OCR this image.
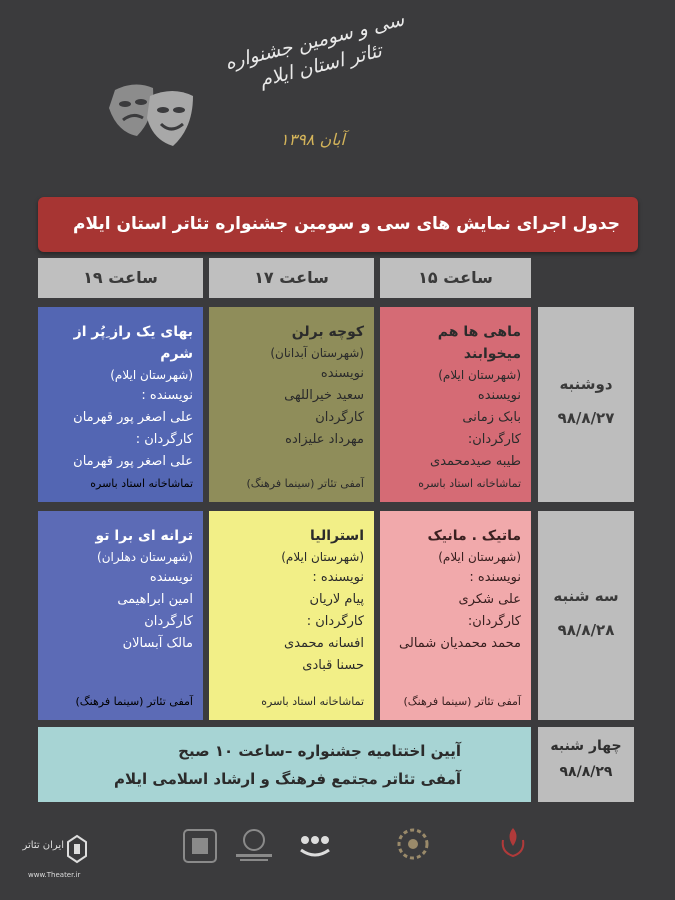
سی و سومین جشنواره تئاتر استان ایلام
آبان ۱۳۹۸
جدول اجرای نمایش های سی و سومین جشنواره تئاتر استان ایلام
ساعت ۱۵
ساعت ۱۷
ساعت ۱۹
دوشنبه
۹۸/۸/۲۷
سه شنبه
۹۸/۸/۲۸
ماهی ها هم میخوابند
(شهرستان ایلام)
نویسنده
بابک زمانی
کارگردان:
طیبه صیدمحمدی
تماشاخانه استاد باسره
کوچه برلن
(شهرستان آبدانان)
نویسنده
سعید خیراللهی
کارگردان
مهرداد علیزاده
آمفی تئاتر (سینما فرهنگ)
بهای یک راز ِپُر از شرم
(شهرستان ایلام)
نویسنده :
علی اصغر پور قهرمان
کارگردان :
علی اصغر پور قهرمان
تماشاخانه استاد باسره
ماتیک . مانیک
(شهرستان ایلام)
نویسنده :
علی شکری
کارگردان:
محمد محمدیان شمالی
آمفی تئاتر (سینما فرهنگ)
استرالیا
(شهرستان ایلام)
نویسنده :
پیام لاریان
کارگردان :
افسانه محمدی
حسنا قبادی
تماشاخانه استاد باسره
ترانه ای برا تو
(شهرستان دهلران)
نویسنده
امین ابراهیمی
کارگردان
مالک آبسالان
آمفی تئاتر (سینما فرهنگ)
آیین اختتامیه جشنواره –ساعت ۱۰ صبح
آمفی تئاتر مجتمع فرهنگ و ارشاد اسلامی ایلام
چهار شنبه
۹۸/۸/۲۹
ایران تئاتر
www.Theater.ir
